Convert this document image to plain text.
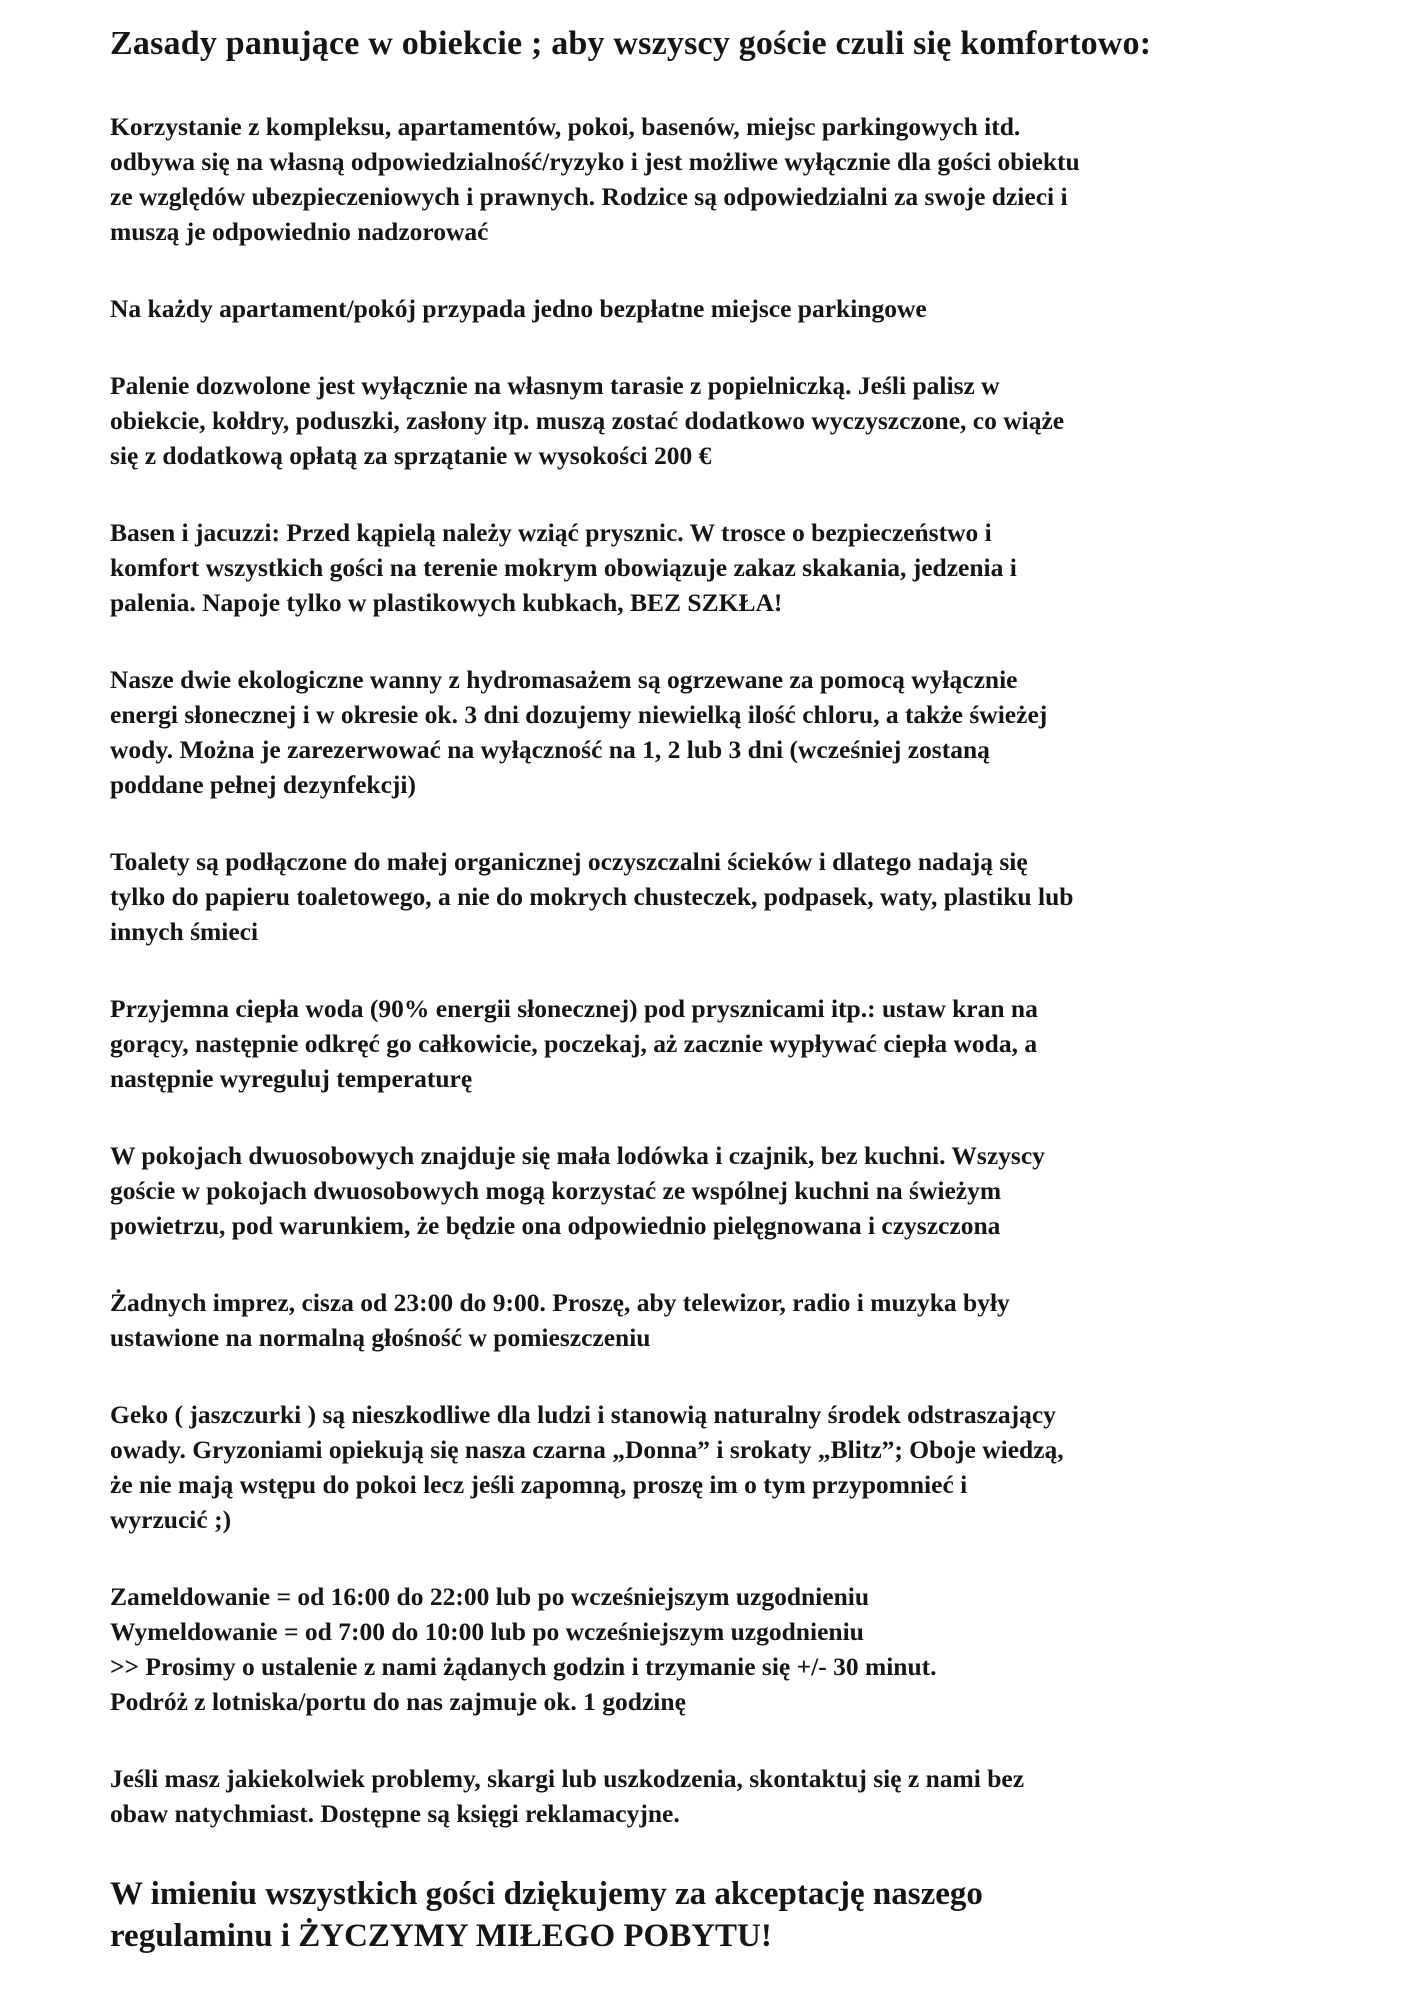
Zasady panujące w obiekcie ; aby wszyscy goście czuli się komfortowo:
Korzystanie z kompleksu, apartamentów, pokoi, basenów, miejsc parkingowych itd.
odbywa się na własną odpowiedzialność/ryzyko i jest możliwe wyłącznie dla gości obiektu
ze względów ubezpieczeniowych i prawnych. Rodzice są odpowiedzialni za swoje dzieci i
muszą je odpowiednio nadzorować
Na każdy apartament/pokój przypada jedno bezpłatne miejsce parkingowe
Palenie dozwolone jest wyłącznie na własnym tarasie z popielniczką. Jeśli palisz w
obiekcie, kołdry, poduszki, zasłony itp. muszą zostać dodatkowo wyczyszczone, co wiąże
się z dodatkową opłatą za sprzątanie w wysokości 200 €
Basen i jacuzzi: Przed kąpielą należy wziąć prysznic. W trosce o bezpieczeństwo i
komfort wszystkich gości na terenie mokrym obowiązuje zakaz skakania, jedzenia i
palenia. Napoje tylko w plastikowych kubkach, BEZ SZKŁA!
Nasze dwie ekologiczne wanny z hydromasażem są ogrzewane za pomocą wyłącznie
energi słonecznej i w okresie ok. 3 dni dozujemy niewielką ilość chloru, a także świeżej
wody. Można je zarezerwować na wyłączność na 1, 2 lub 3 dni (wcześniej zostaną
poddane pełnej dezynfekcji)
Toalety są podłączone do małej organicznej oczyszczalni ścieków i dlatego nadają się
tylko do papieru toaletowego, a nie do mokrych chusteczek, podpasek, waty, plastiku lub
innych śmieci
Przyjemna ciepła woda (90% energii słonecznej) pod prysznicami itp.: ustaw kran na
gorący, następnie odkręć go całkowicie, poczekaj, aż zacznie wypływać ciepła woda, a
następnie wyreguluj temperaturę
W pokojach dwuosobowych znajduje się mała lodówka i czajnik, bez kuchni. Wszyscy
goście w pokojach dwuosobowych mogą korzystać ze wspólnej kuchni na świeżym
powietrzu, pod warunkiem, że będzie ona odpowiednio pielęgnowana i czyszczona
Żadnych imprez, cisza od 23:00 do 9:00. Proszę, aby telewizor, radio i muzyka były
ustawione na normalną głośność w pomieszczeniu
Geko ( jaszczurki ) są nieszkodliwe dla ludzi i stanowią naturalny środek odstraszający
owady. Gryzoniami opiekują się nasza czarna „Donna” i srokaty „Blitz”; Oboje wiedzą,
że nie mają wstępu do pokoi lecz jeśli zapomną, proszę im o tym przypomnieć i
wyrzucić ;)
Zameldowanie = od 16:00 do 22:00 lub po wcześniejszym uzgodnieniu
Wymeldowanie = od 7:00 do 10:00 lub po wcześniejszym uzgodnieniu
>> Prosimy o ustalenie z nami żądanych godzin i trzymanie się +/- 30 minut.
Podróż z lotniska/portu do nas zajmuje ok. 1 godzinę
Jeśli masz jakiekolwiek problemy, skargi lub uszkodzenia, skontaktuj się z nami bez
obaw natychmiast. Dostępne są księgi reklamacyjne.
W imieniu wszystkich gości dziękujemy za akceptację naszego
regulaminu i ŻYCZYMY MIŁEGO POBYTU!
